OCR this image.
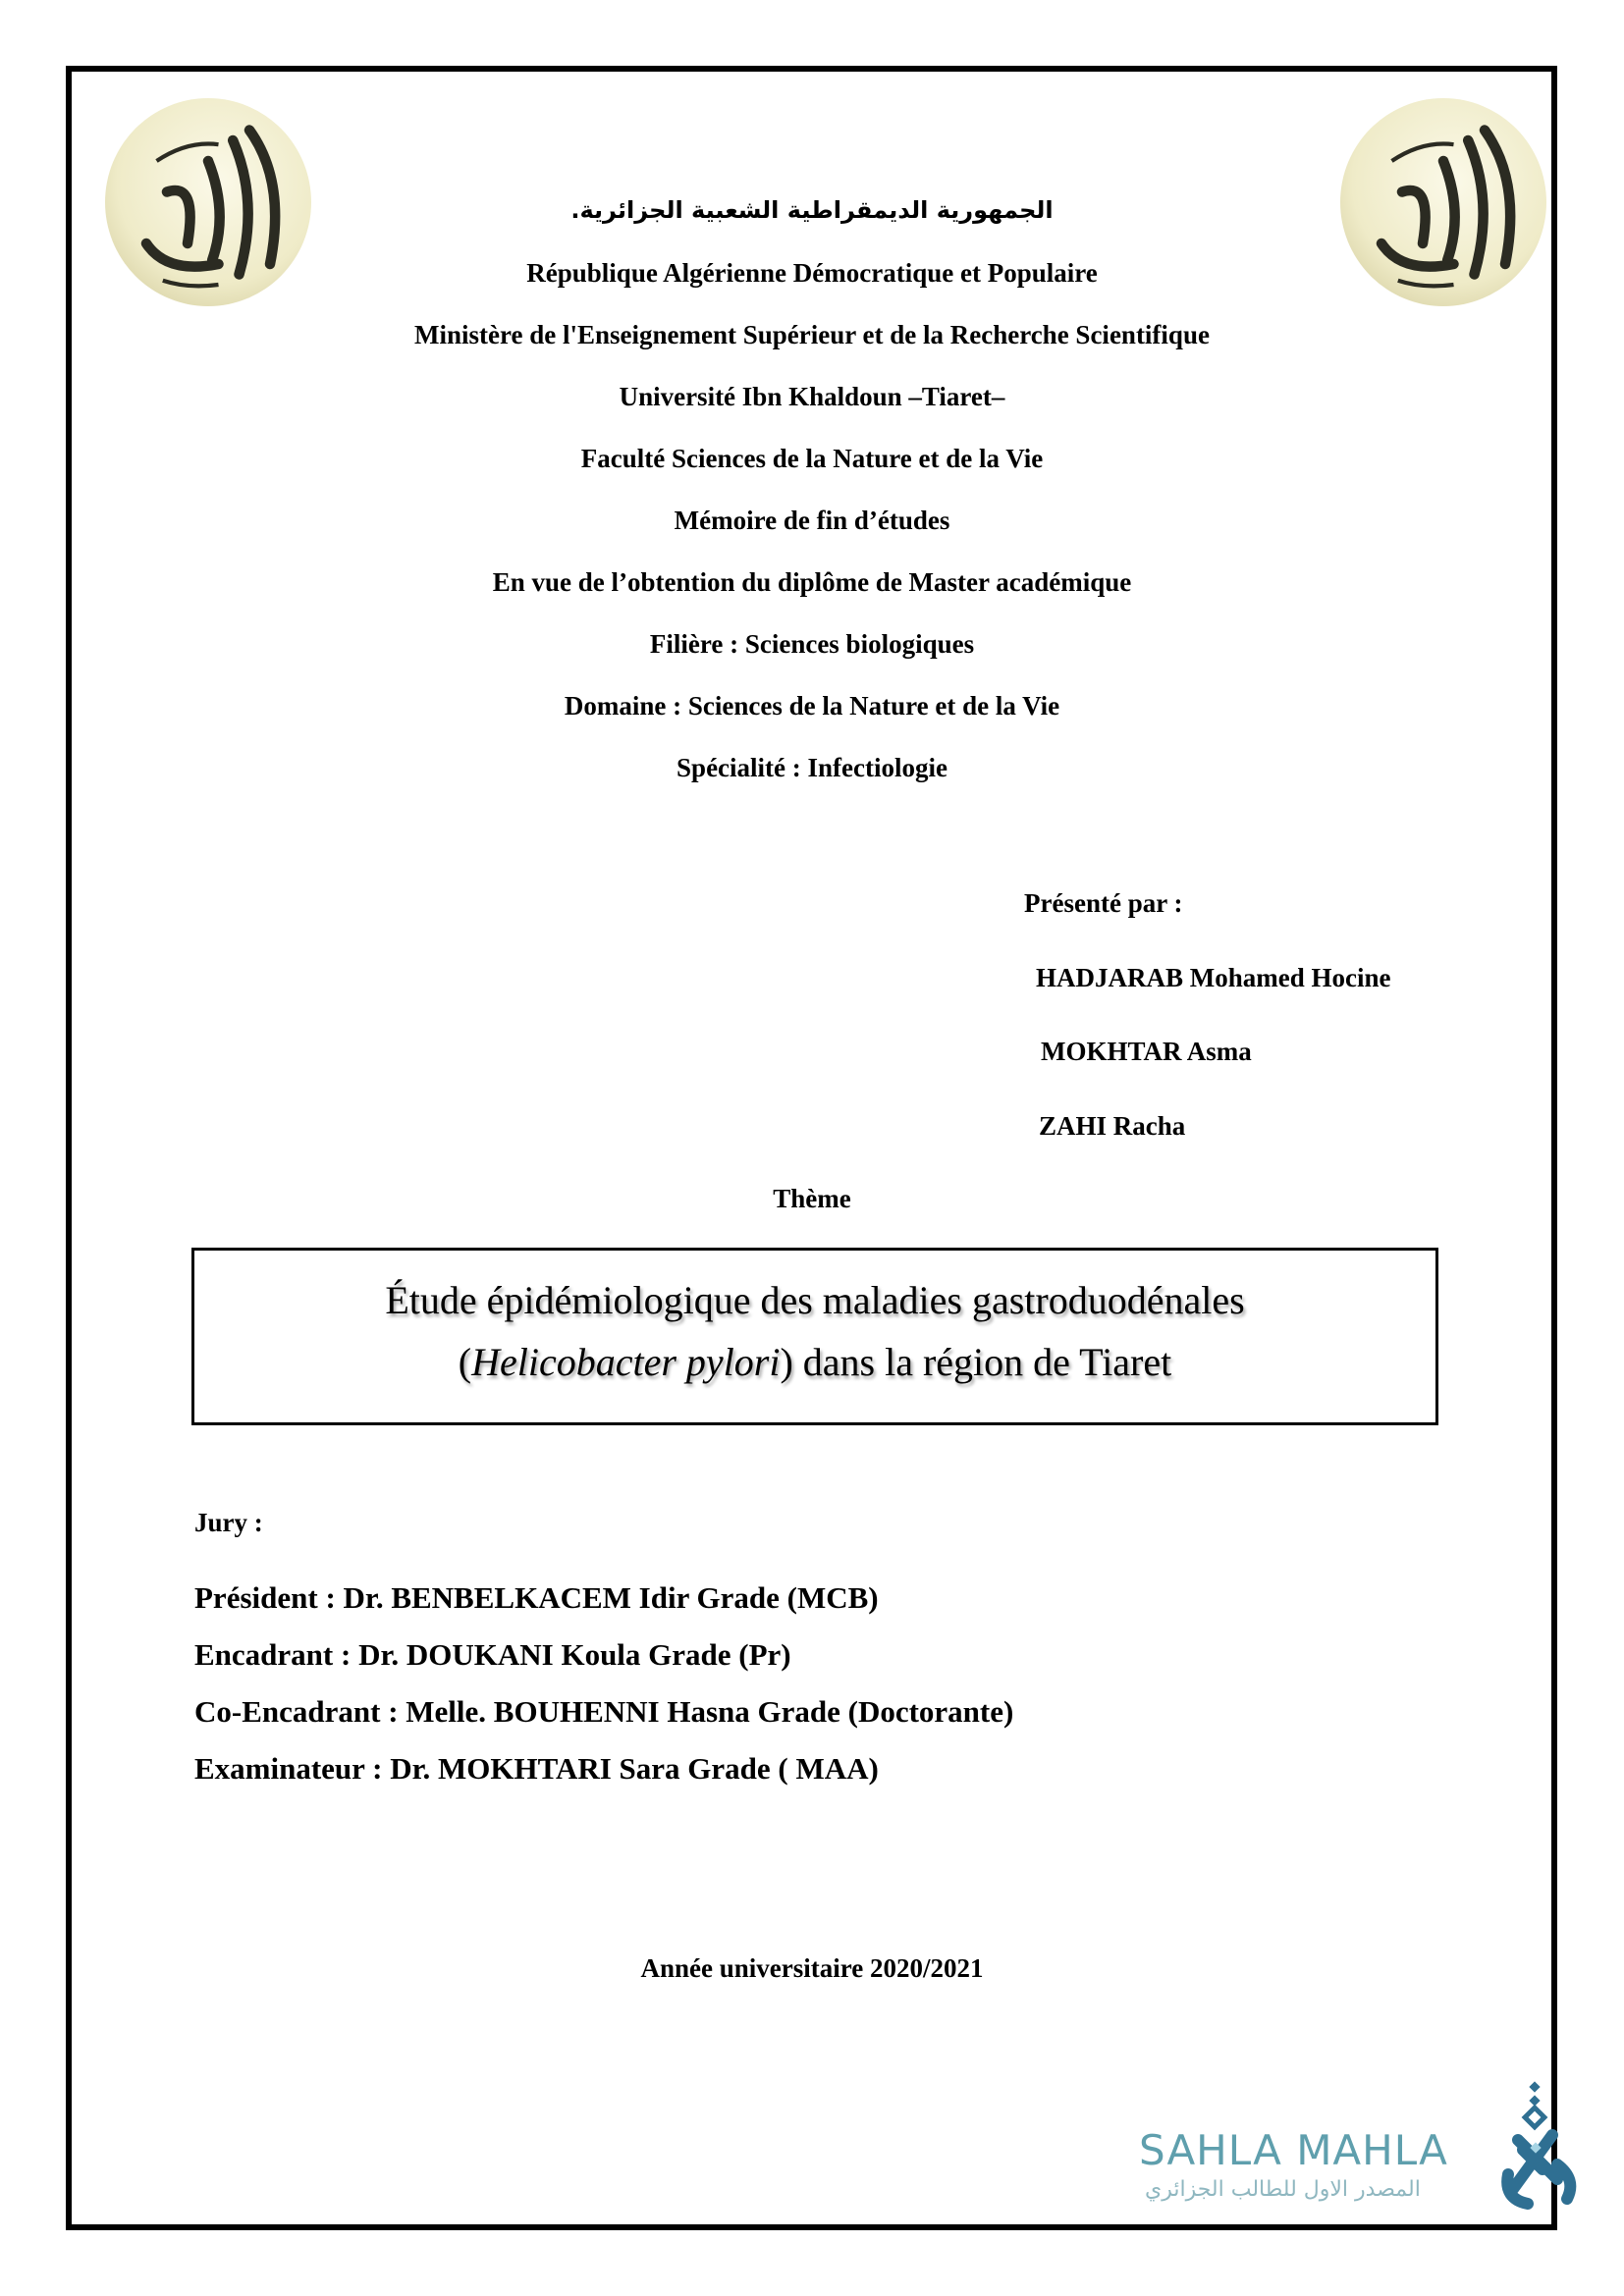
الجمهورية الديمقراطية الشعبية الجزائرية.
République Algérienne Démocratique et Populaire
Ministère de l'Enseignement Supérieur et de la Recherche Scientifique
Université Ibn Khaldoun –Tiaret–
Faculté Sciences de la Nature et de la Vie
Mémoire de fin d’études
En vue de l’obtention du diplôme de Master académique
Filière : Sciences biologiques
Domaine : Sciences de la Nature et de la Vie
Spécialité : Infectiologie
Présenté par :
HADJARAB Mohamed Hocine
MOKHTAR Asma
ZAHI Racha
Thème
Étude épidémiologique des maladies gastroduodénales
(Helicobacter pylori) dans la région de Tiaret
Jury :
Président : Dr. BENBELKACEM Idir Grade (MCB)
Encadrant : Dr. DOUKANI Koula Grade (Pr)
Co-Encadrant : Melle. BOUHENNI Hasna Grade (Doctorante)
Examinateur : Dr. MOKHTARI Sara Grade ( MAA)
Année universitaire 2020/2021
SAHLA MAHLA
المصدر الاول للطالب الجزائري
